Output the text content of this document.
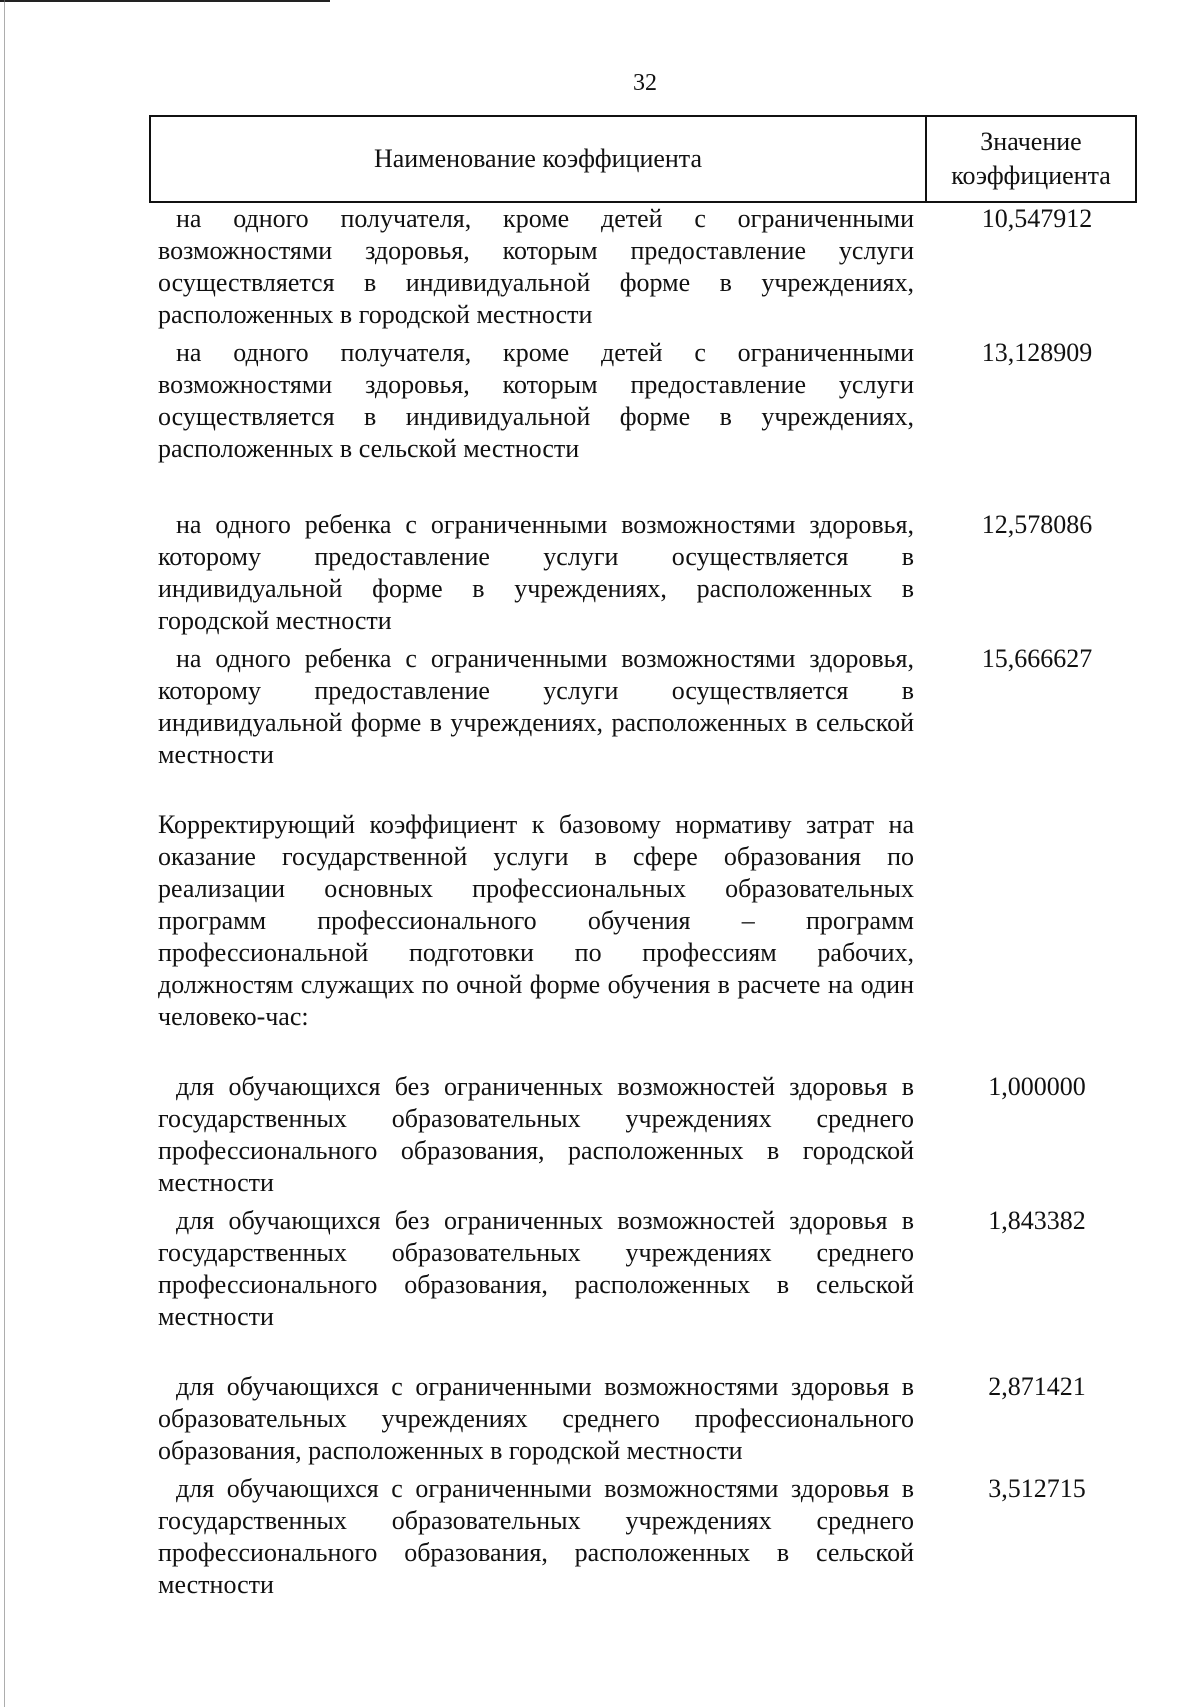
32
Наименование коэффициента
Значение
коэффициента
на одного получателя, кроме детей с ограниченными возможностями здоровья, которым предоставление услуги осуществляется в индивидуальной форме в учреждениях, расположенных в городской местности
10,547912
на одного получателя, кроме детей с ограниченными возможностями здоровья, которым предоставление услуги осуществляется в индивидуальной форме в учреждениях, расположенных в сельской местности
13,128909
на одного ребенка с ограниченными возможностями здоровья, которому предоставление услуги осуществляется в индивидуальной форме в учреждениях, расположенных в городской местности
12,578086
на одного ребенка с ограниченными возможностями здоровья, которому предоставление услуги осуществляется в индивидуальной форме в учреждениях, расположенных в сельской местности
15,666627
Корректирующий коэффициент к базовому нормативу затрат на оказание государственной услуги в сфере образования по реализации основных профессиональных образовательных программ профессионального обучения – программ профессиональной подготовки по профессиям рабочих, должностям служащих по очной форме обучения в расчете на один человеко-час:
для обучающихся без ограниченных возможностей здоровья в государственных образовательных учреждениях среднего профессионального образования, расположенных в городской местности
1,000000
для обучающихся без ограниченных возможностей здоровья в государственных образовательных учреждениях среднего профессионального образования, расположенных в сельской местности
1,843382
для обучающихся с ограниченными возможностями здоровья в образовательных учреждениях среднего профессионального образования, расположенных в городской местности
2,871421
для обучающихся с ограниченными возможностями здоровья в государственных образовательных учреждениях среднего профессионального образования, расположенных в сельской местности
3,512715
